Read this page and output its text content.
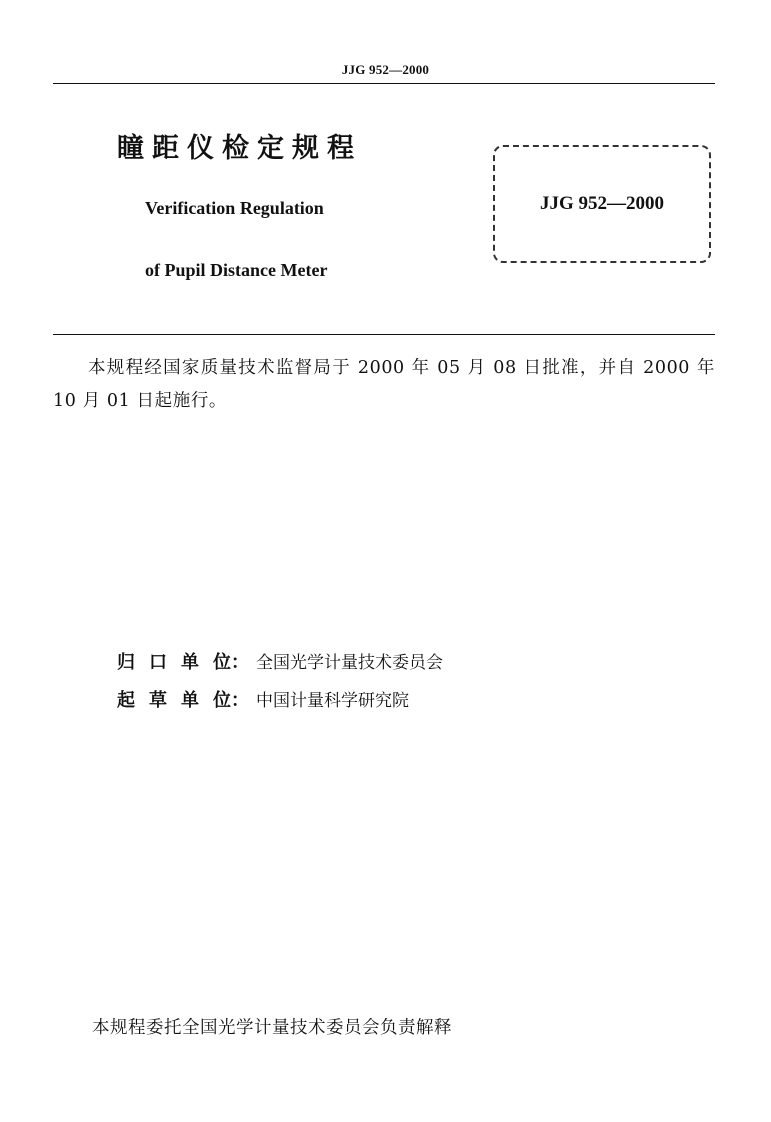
JJG 952—2000
瞳距仪检定规程
Verification Regulation
of Pupil Distance Meter
JJG 952—2000
本规程经国家质量技术监督局于 2000 年 05 月 08 日批准，并自 2000 年 10 月 01 日起施行。
归 口 单 位： 全国光学计量技术委员会
起 草 单 位： 中国计量科学研究院
本规程委托全国光学计量技术委员会负责解释
